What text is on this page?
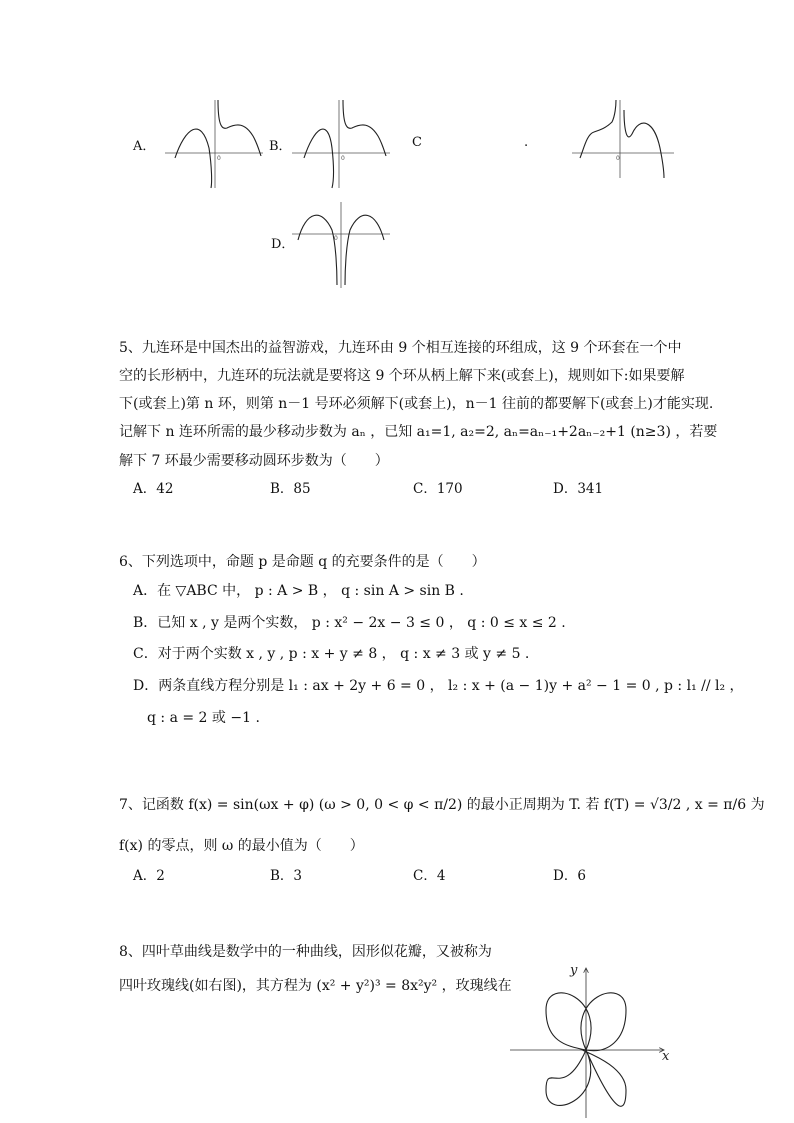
A．
0
B．
0
C	.
0
D．	0
5、九连环是中国杰出的益智游戏，九连环由 9 个相互连接的环组成，这 9 个环套在一个中
空的长形柄中，九连环的玩法就是要将这 9 个环从柄上解下来(或套上)，规则如下:如果要解
下(或套上)第 n 环，则第 n－1 号环必须解下(或套上)，n－1 往前的都要解下(或套上)才能实现.
记解下 n 连环所需的最少移动步数为 aₙ ，已知 a₁=1, a₂=2, aₙ=aₙ₋₁+2aₙ₋₂+1 (n≥3) ，若要
解下 7 环最少需要移动圆环步数为（　　）
A．42	B．85	C．170	D．341
6、下列选项中，命题 p 是命题 q 的充要条件的是（　　）
A．在 ▽ABC 中， p : A > B ， q : sin A > sin B .
B．已知 x , y 是两个实数， p : x² − 2x − 3 ≤ 0 ， q : 0 ≤ x ≤ 2 .
C．对于两个实数 x , y , p : x + y ≠ 8 ， q : x ≠ 3 或 y ≠ 5 .
D．两条直线方程分别是 l₁ : ax + 2y + 6 = 0 ， l₂ : x + (a − 1)y + a² − 1 = 0 , p : l₁ // l₂ ，
q : a = 2 或 −1 .
7、记函数 f(x) = sin(ωx + φ) (ω > 0, 0 < φ < π/2) 的最小正周期为 T. 若 f(T) = √3/2 , x = π/6 为
f(x) 的零点，则 ω 的最小值为（　　）
A．2	B．3	C．4	D．6
8、四叶草曲线是数学中的一种曲线，因形似花瓣，又被称为
四叶玫瑰线(如右图)，其方程为 (x² + y²)³ = 8x²y² ，玫瑰线在
x
y
